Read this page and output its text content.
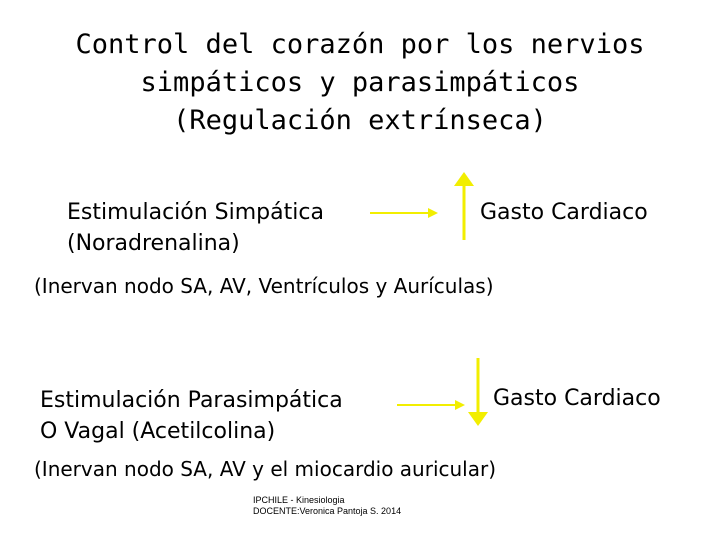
Control del corazón por los nervios
simpáticos y parasimpáticos
(Regulación extrínseca)
Estimulación Simpática
(Noradrenalina)
Gasto Cardiaco
(Inervan nodo SA, AV, Ventrículos y Aurículas)
Estimulación Parasimpática
O Vagal (Acetilcolina)
Gasto Cardiaco
(Inervan nodo SA, AV y el miocardio auricular)
IPCHILE - Kinesiologia
DOCENTE:Veronica Pantoja S. 2014
